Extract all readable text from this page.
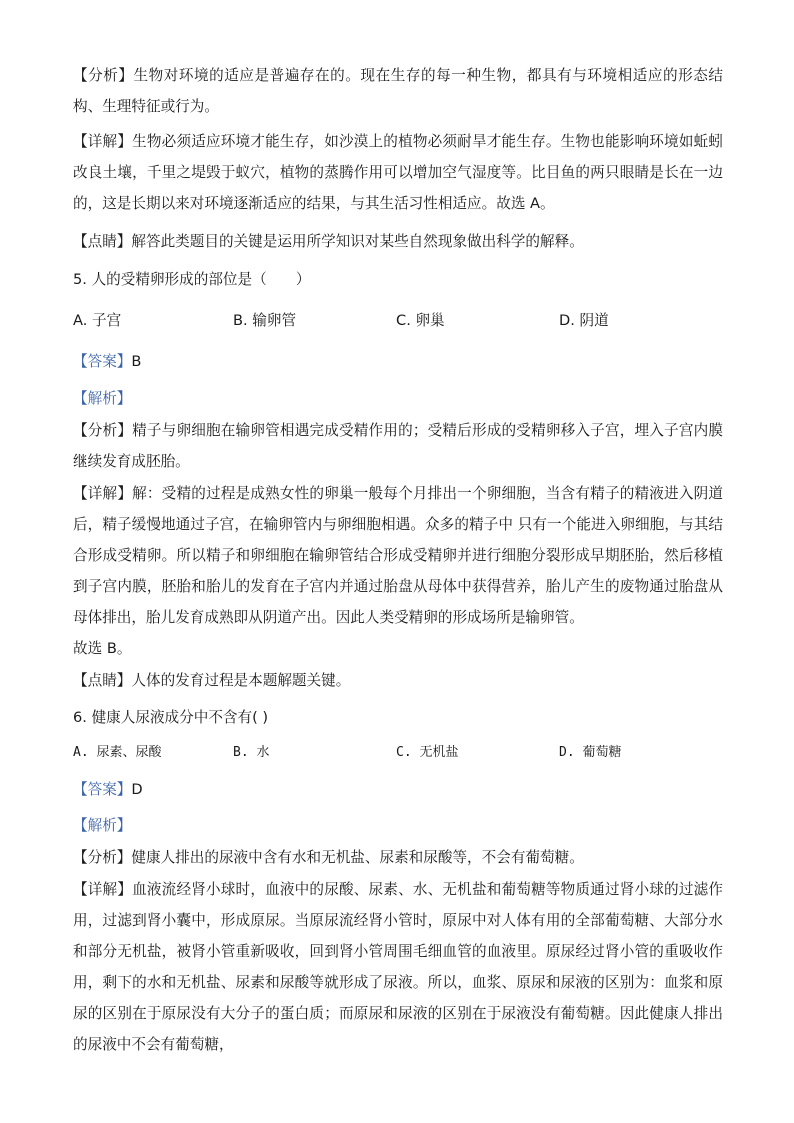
【分析】生物对环境的适应是普遍存在的。现在生存的每一种生物，都具有与环境相适应的形态结构、生理特征或行为。
【详解】生物必须适应环境才能生存，如沙漠上的植物必须耐旱才能生存。生物也能影响环境如蚯蚓改良土壤，千里之堤毁于蚁穴，植物的蒸腾作用可以增加空气湿度等。比目鱼的两只眼睛是长在一边的，这是长期以来对环境逐渐适应的结果，与其生活习性相适应。故选 A。
【点睛】解答此类题目的关键是运用所学知识对某些自然现象做出科学的解释。
5. 人的受精卵形成的部位是（　　）
A. 子宫	B. 输卵管	C. 卵巢	D. 阴道
【答案】B
【解析】
【分析】精子与卵细胞在输卵管相遇完成受精作用的；受精后形成的受精卵移入子宫，埋入子宫内膜继续发育成胚胎。
【详解】解：受精的过程是成熟女性的卵巢一般每个月排出一个卵细胞，当含有精子的精液进入阴道后，精子缓慢地通过子宫，在输卵管内与卵细胞相遇。众多的精子中 只有一个能进入卵细胞，与其结合形成受精卵。所以精子和卵细胞在输卵管结合形成受精卵并进行细胞分裂形成早期胚胎，然后移植到子宫内膜，胚胎和胎儿的发育在子宫内并通过胎盘从母体中获得营养，胎儿产生的废物通过胎盘从母体排出，胎儿发育成熟即从阴道产出。因此人类受精卵的形成场所是输卵管。
故选 B。
【点睛】人体的发育过程是本题解题关键。
6. 健康人尿液成分中不含有( )
A. 尿素、尿酸	B. 水	C. 无机盐	D. 葡萄糖
【答案】D
【解析】
【分析】健康人排出的尿液中含有水和无机盐、尿素和尿酸等，不会有葡萄糖。
【详解】血液流经肾小球时，血液中的尿酸、尿素、水、无机盐和葡萄糖等物质通过肾小球的过滤作用，过滤到肾小囊中，形成原尿。当原尿流经肾小管时，原尿中对人体有用的全部葡萄糖、大部分水和部分无机盐，被肾小管重新吸收，回到肾小管周围毛细血管的血液里。原尿经过肾小管的重吸收作用，剩下的水和无机盐、尿素和尿酸等就形成了尿液。所以，血浆、原尿和尿液的区别为：血浆和原尿的区别在于原尿没有大分子的蛋白质；而原尿和尿液的区别在于尿液没有葡萄糖。因此健康人排出的尿液中不会有葡萄糖，
